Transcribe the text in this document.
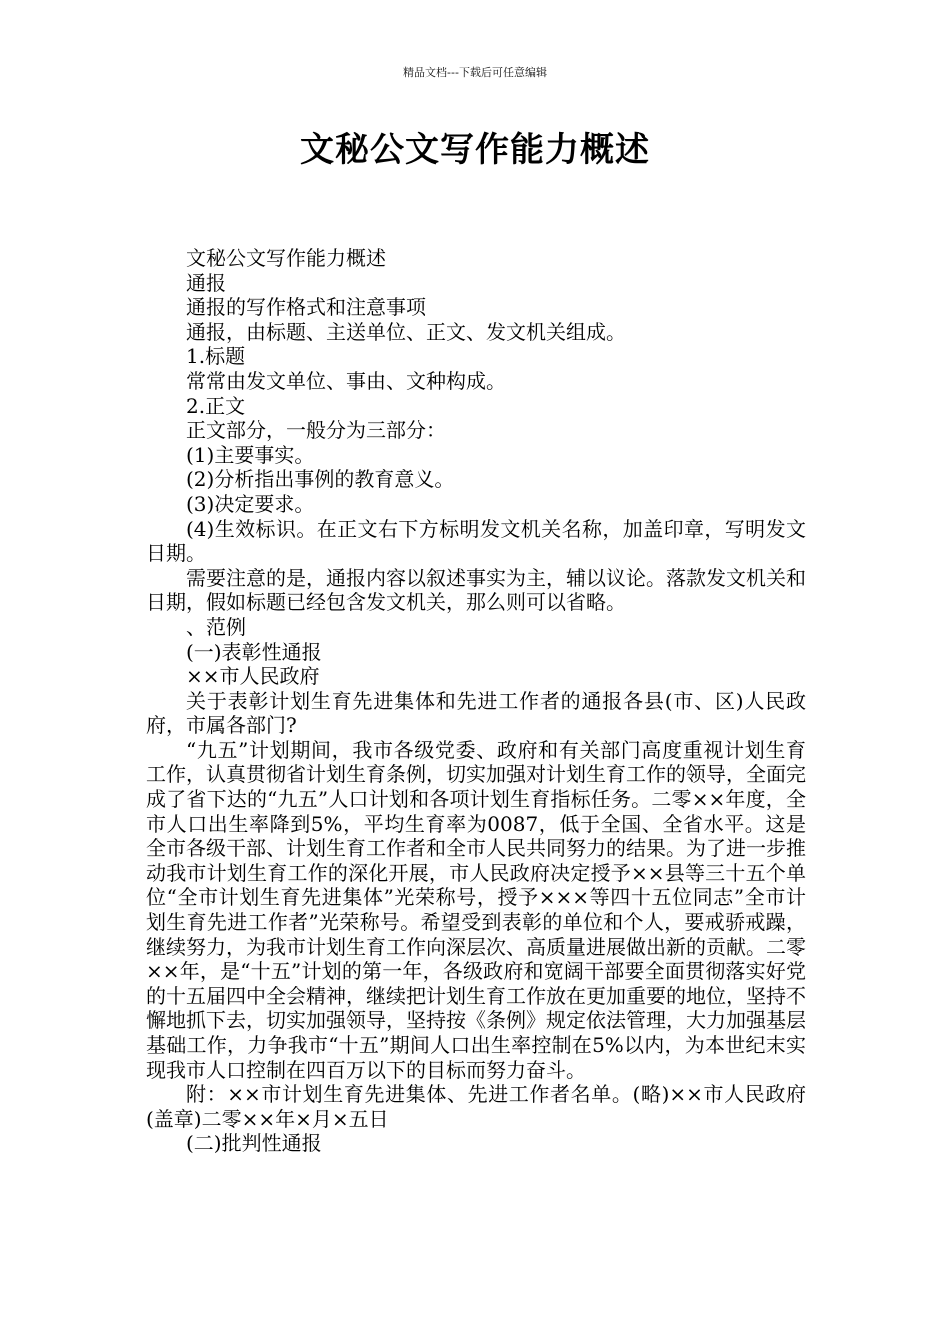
精品文档---下载后可任意编辑
文秘公文写作能力概述

文秘公文写作能力概述

通报

通报的写作格式和注意事项

通报，由标题、主送单位、正文、发文机关组成。

1.标题

常常由发文单位、事由、文种构成。

2.正文

正文部分，一般分为三部分：

(1)主要事实。

(2)分析指出事例的教育意义。

(3)决定要求。

(4)生效标识。在正文右下方标明发文机关名称，加盖印章，写明发文日期。

需要注意的是，通报内容以叙述事实为主，辅以议论。落款发文机关和日期，假如标题已经包含发文机关，那么则可以省略。

、范例

(一)表彰性通报

××市人民政府

关于表彰计划生育先进集体和先进工作者的通报各县(市、区)人民政府，市属各部门?

“九五”计划期间，我市各级党委、政府和有关部门高度重视计划生育工作，认真贯彻省计划生育条例，切实加强对计划生育工作的领导，全面完成了省下达的“九五”人口计划和各项计划生育指标任务。二零××年度，全市人口出生率降到5%，平均生育率为0087，低于全国、全省水平。这是全市各级干部、计划生育工作者和全市人民共同努力的结果。为了进一步推动我市计划生育工作的深化开展，市人民政府决定授予××县等三十五个单位“全市计划生育先进集体”光荣称号，授予×××等四十五位同志”全市计划生育先进工作者”光荣称号。希望受到表彰的单位和个人，要戒骄戒躁，继续努力，为我市计划生育工作向深层次、高质量进展做出新的贡献。二零××年，是“十五”计划的第一年，各级政府和宽阔干部要全面贯彻落实好党的十五届四中全会精神，继续把计划生育工作放在更加重要的地位，坚持不懈地抓下去，切实加强领导，坚持按《条例》规定依法管理，大力加强基层基础工作，力争我市“十五”期间人口出生率控制在5%以内，为本世纪末实现我市人口控制在四百万以下的目标而努力奋斗。

附：××市计划生育先进集体、先进工作者名单。(略)××市人民政府(盖章)二零××年×月×五日

(二)批判性通报
